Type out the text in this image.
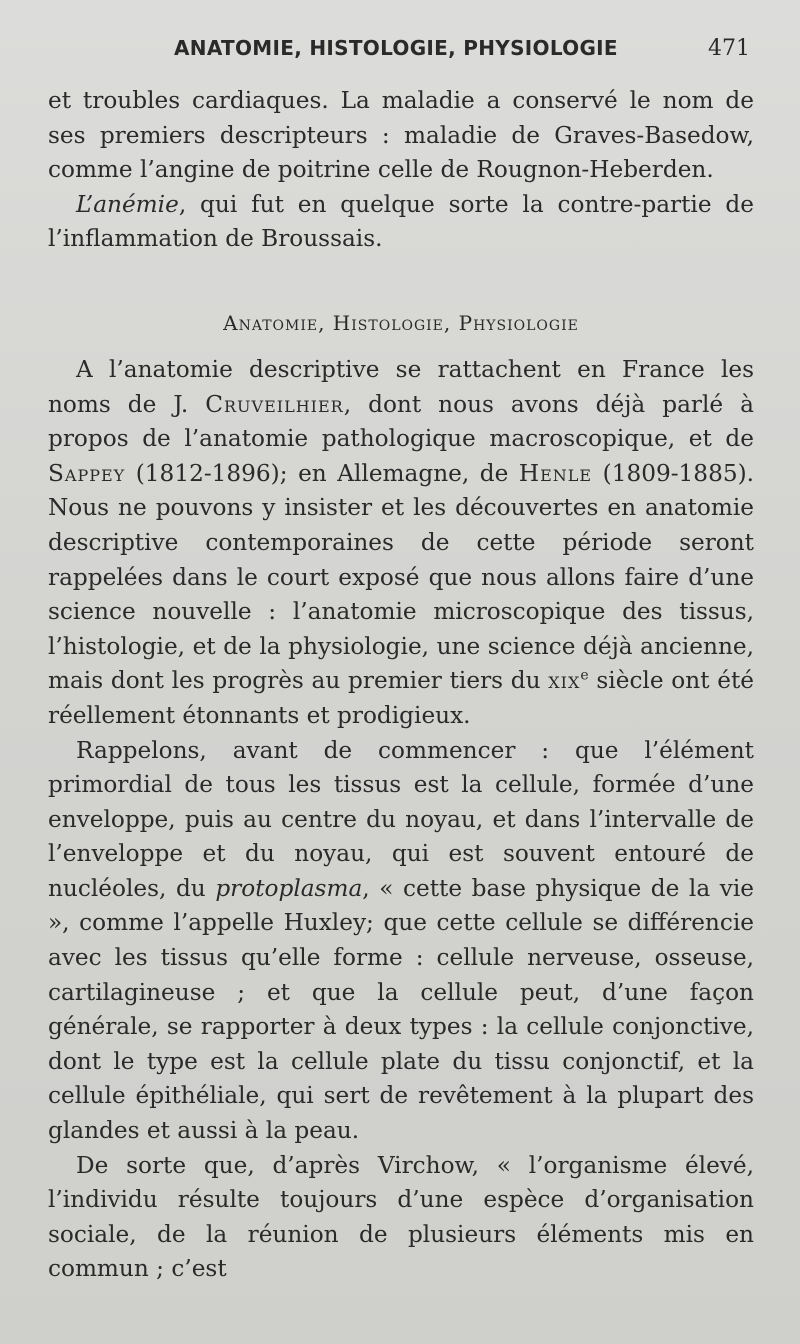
ANATOMIE, HISTOLOGIE, PHYSIOLOGIE	471

et troubles cardiaques. La maladie a conservé le nom de ses premiers descripteurs : maladie de Graves-Basedow, comme l’angine de poitrine celle de Rougnon-Heberden.

L’anémie, qui fut en quelque sorte la contre-partie de l’inflammation de Broussais.

Anatomie, Histologie, Physiologie

A l’anatomie descriptive se rattachent en France les noms de J. Cruveilhier, dont nous avons déjà parlé à propos de l’anatomie pathologique macroscopique, et de Sappey (1812-1896); en Allemagne, de Henle (1809-1885). Nous ne pouvons y insister et les découvertes en anatomie descriptive contemporaines de cette période seront rappelées dans le court exposé que nous allons faire d’une science nouvelle : l’anatomie microscopique des tissus, l’histologie, et de la physiologie, une science déjà ancienne, mais dont les progrès au premier tiers du xix$^e$ siècle ont été réellement étonnants et prodigieux.

Rappelons, avant de commencer : que l’élément primordial de tous les tissus est la cellule, formée d’une enveloppe, puis au centre du noyau, et dans l’intervalle de l’enveloppe et du noyau, qui est souvent entouré de nucléoles, du protoplasma, « cette base physique de la vie », comme l’appelle Huxley; que cette cellule se différencie avec les tissus qu’elle forme : cellule nerveuse, osseuse, cartilagineuse ; et que la cellule peut, d’une façon générale, se rapporter à deux types : la cellule conjonctive, dont le type est la cellule plate du tissu conjonctif, et la cellule épithéliale, qui sert de revêtement à la plupart des glandes et aussi à la peau.

De sorte que, d’après Virchow, « l’organisme élevé, l’individu résulte toujours d’une espèce d’organisation sociale, de la réunion de plusieurs éléments mis en commun ; c’est
